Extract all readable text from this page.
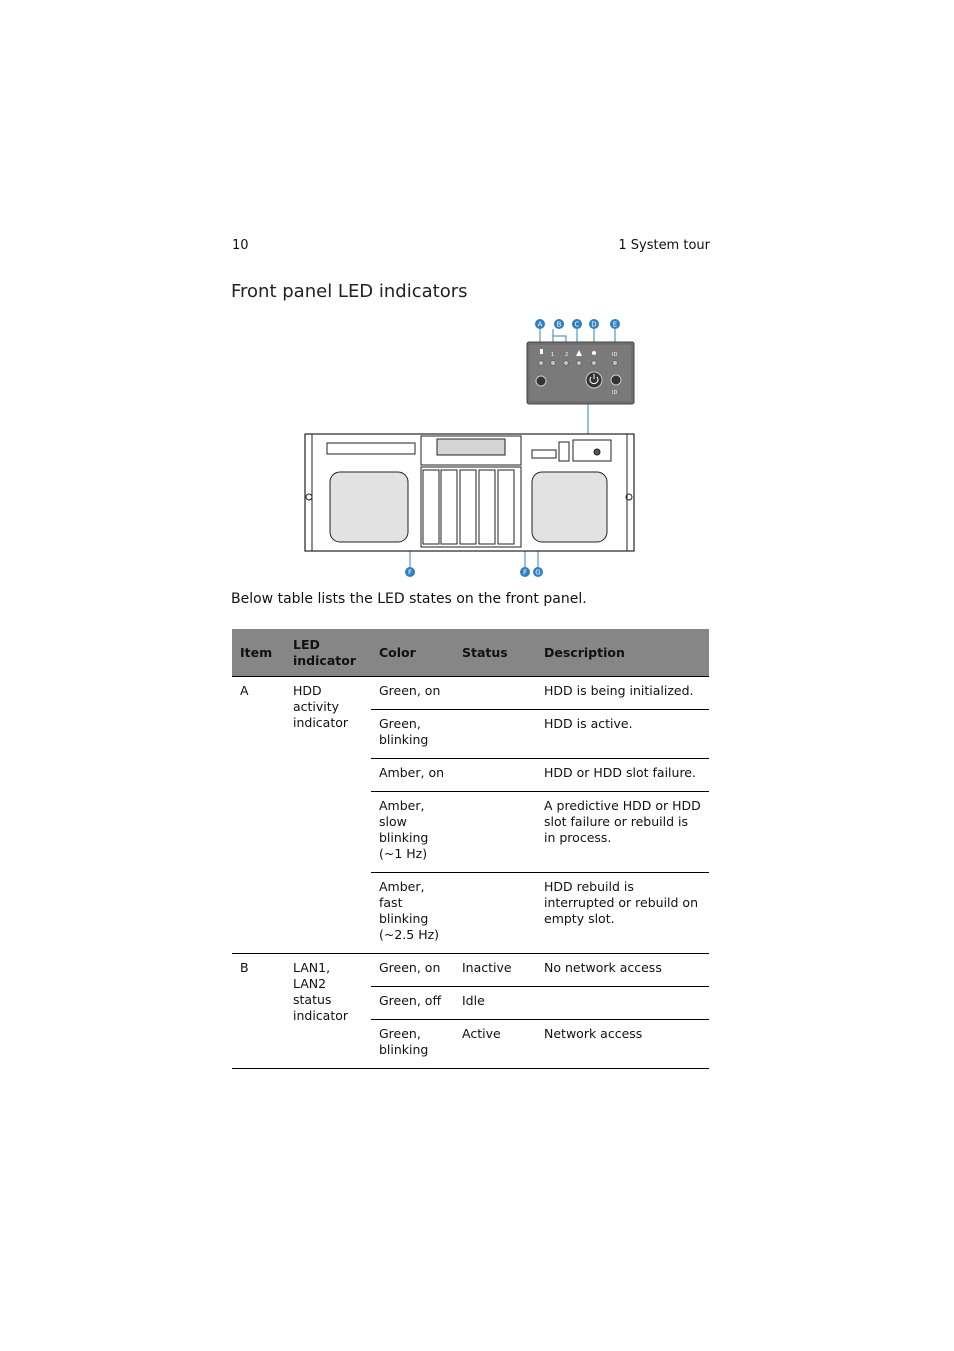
10	1 System tour
Front panel LED indicators
1 2	ID
ID
A B C D E
F	F G
Below table lists the LED states on the front panel.
Item	LED indicator	Color	Status	Description
A	HDD activity indicator	Green, on		HDD is being initialized.
		Green, blinking		HDD is active.
		Amber, on		HDD or HDD slot failure.
		Amber, slow blinking (~1 Hz)		A predictive HDD or HDD slot failure or rebuild is in process.
		Amber, fast blinking (~2.5 Hz)		HDD rebuild is interrupted or rebuild on empty slot.
B	LAN1, LAN2 status indicator	Green, on	Inactive	No network access
		Green, off	Idle	
		Green, blinking	Active	Network access
